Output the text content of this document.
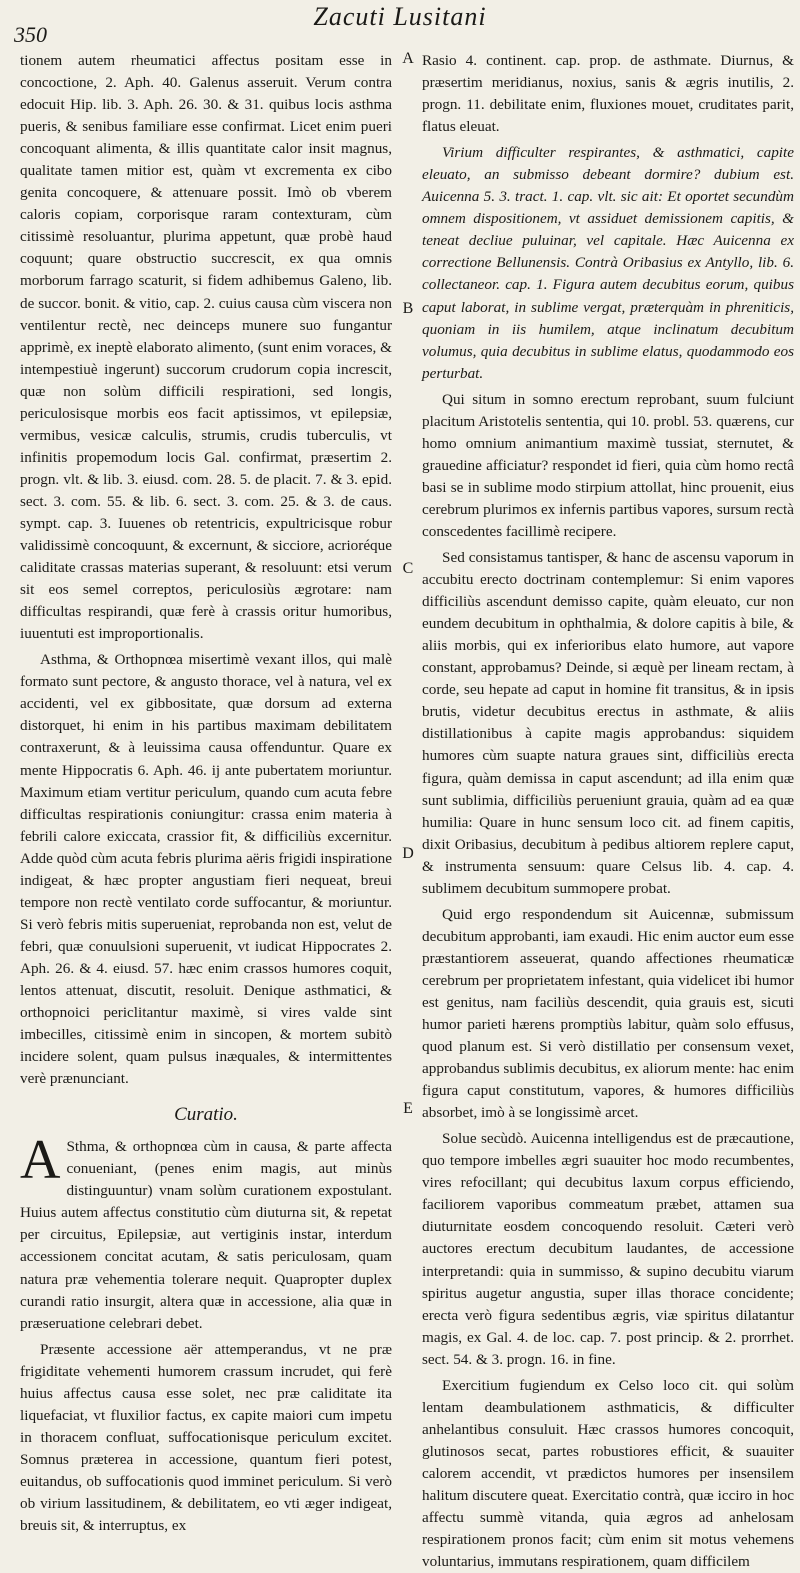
350
Zacuti Lusitani
A
B
C
D
E

tionem autem rheumatici affectus positam esse in concoctione, 2. Aph. 40. Galenus asseruit. Verum contra edocuit Hip. lib. 3. Aph. 26. 30. & 31. quibus locis asthma pueris, & senibus familiare esse confirmat. Licet enim pueri concoquant alimenta, & illis quantitate calor insit magnus, qualitate tamen mitior est, quàm vt excrementa ex cibo genita concoquere, & attenuare possit. Imò ob vberem caloris copiam, corporisque raram contexturam, cùm citissimè resoluantur, plurima appetunt, quæ probè haud coquunt; quare obstructio succrescit, ex qua omnis morborum farrago scaturit, si fidem adhibemus Galeno, lib. de succor. bonit. & vitio, cap. 2. cuius causa cùm viscera non ventilentur rectè, nec deinceps munere suo fungantur apprimè, ex ineptè elaborato alimento, (sunt enim voraces, & intempestiuè ingerunt) succorum crudorum copia increscit, quæ non solùm difficili respirationi, sed longis, periculosisque morbis eos facit aptissimos, vt epilepsiæ, vermibus, vesicæ calculis, strumis, crudis tuberculis, vt infinitis propemodum locis Gal. confirmat, præsertim 2. progn. vlt. & lib. 3. eiusd. com. 28. 5. de placit. 7. & 3. epid. sect. 3. com. 55. & lib. 6. sect. 3. com. 25. & 3. de caus. sympt. cap. 3. Iuuenes ob retentricis, expultricisque robur validissimè concoquunt, & excernunt, & sicciore, acrioréque caliditate crassas materias superant, & resoluunt: etsi verum sit eos semel correptos, periculosiùs ægrotare: nam difficultas respirandi, quæ ferè à crassis oritur humoribus, iuuentuti est improportionalis.

Asthma, & Orthopnœa misertimè vexant illos, qui malè formato sunt pectore, & angusto thorace, vel à natura, vel ex accidenti, vel ex gibbositate, quæ dorsum ad externa distorquet, hi enim in his partibus maximam debilitatem contraxerunt, & à leuissima causa offenduntur. Quare ex mente Hippocratis 6. Aph. 46. ij ante pubertatem moriuntur. Maximum etiam vertitur periculum, quando cum acuta febre difficultas respirationis coniungitur: crassa enim materia à febrili calore exiccata, crassior fit, & difficiliùs excernitur. Adde quòd cùm acuta febris plurima aëris frigidi inspiratione indigeat, & hæc propter angustiam fieri nequeat, breui tempore non rectè ventilato corde suffocantur, & moriuntur. Si verò febris mitis superueniat, reprobanda non est, velut de febri, quæ conuulsioni superuenit, vt iudicat Hippocrates 2. Aph. 26. & 4. eiusd. 57. hæc enim crassos humores coquit, lentos attenuat, discutit, resoluit. Denique asthmatici, & orthopnoici periclitantur maximè, si vires valde sint imbecilles, citissimè enim in sincopen, & mortem subitò incidere solent, quam pulsus inæquales, & intermittentes verè prænunciant.

Curatio.

A Sthma, & orthopnœa cùm in causa, & parte affecta conueniant, (penes enim magis, aut minùs distinguuntur) vnam solùm curationem expostulant. Huius autem affectus constitutio cùm diuturna sit, & repetat per circuitus, Epilepsiæ, aut vertiginis instar, interdum accessionem concitat acutam, & satis periculosam, quam natura præ vehementia tolerare nequit. Quapropter duplex curandi ratio insurgit, altera quæ in accessione, alia quæ in præseruatione celebrari debet.

Præsente accessione aër attemperandus, vt ne præ frigiditate vehementi humorem crassum incrudet, qui ferè huius affectus causa esse solet, nec præ caliditate ita liquefaciat, vt fluxilior factus, ex capite maiori cum impetu in thoracem confluat, suffocationisque periculum excitet. Somnus præterea in accessione, quantum fieri potest, euitandus, ob suffocationis quod imminet periculum. Si verò ob virium lassitudinem, & debilitatem, eo vti æger indigeat, breuis sit, & interruptus, ex

Rasio 4. continent. cap. prop. de asthmate. Diurnus, & præsertim meridianus, noxius, sanis & ægris inutilis, 2. progn. 11. debilitate enim, fluxiones mouet, cruditates parit, flatus eleuat.

Virium difficulter respirantes, & asthmatici, capite eleuato, an submisso debeant dormire? dubium est. Auicenna 5. 3. tract. 1. cap. vlt. sic ait: Et oportet secundùm omnem dispositionem, vt assiduet demissionem capitis, & teneat decliue puluinar, vel capitale. Hæc Auicenna ex correctione Bellunensis. Contrà Oribasius ex Antyllo, lib. 6. collectaneor. cap. 1. Figura autem decubitus eorum, quibus caput laborat, in sublime vergat, præterquàm in phreniticis, quoniam in iis humilem, atque inclinatum decubitum volumus, quia decubitus in sublime elatus, quodammodo eos perturbat.

Qui situm in somno erectum reprobant, suum fulciunt placitum Aristotelis sententia, qui 10. probl. 53. quærens, cur homo omnium animantium maximè tussiat, sternutet, & grauedine afficiatur? respondet id fieri, quia cùm homo rectâ basi se in sublime modo stirpium attollat, hinc prouenit, eius cerebrum plurimos ex infernis partibus vapores, sursum rectà conscedentes facillimè recipere.

Sed consistamus tantisper, & hanc de ascensu vaporum in accubitu erecto doctrinam contemplemur: Si enim vapores difficiliùs ascendunt demisso capite, quàm eleuato, cur non eundem decubitum in ophthalmia, & dolore capitis à bile, & aliis morbis, qui ex inferioribus elato humore, aut vapore constant, approbamus? Deinde, si æquè per lineam rectam, à corde, seu hepate ad caput in homine fit transitus, & in ipsis brutis, videtur decubitus erectus in asthmate, & aliis distillationibus à capite magis approbandus: siquidem humores cùm suapte natura graues sint, difficiliùs erecta figura, quàm demissa in caput ascendunt; ad illa enim quæ sunt sublimia, difficiliùs perueniunt grauia, quàm ad ea quæ humilia: Quare in hunc sensum loco cit. ad finem capitis, dixit Oribasius, decubitum à pedibus altiorem replere caput, & instrumenta sensuum: quare Celsus lib. 4. cap. 4. sublimem decubitum summopere probat.

Quid ergo respondendum sit Auicennæ, submissum decubitum approbanti, iam exaudi. Hic enim auctor eum esse præstantiorem asseuerat, quando affectiones rheumaticæ cerebrum per proprietatem infestant, quia videlicet ibi humor est genitus, nam faciliùs descendit, quia grauis est, sicuti humor parieti hærens promptiùs labitur, quàm solo effusus, quod planum est. Si verò distillatio per consensum vexet, approbandus sublimis decubitus, ex aliorum mente: hac enim figura caput constitutum, vapores, & humores difficiliùs absorbet, imò à se longissimè arcet.

Solue secùdò. Auicenna intelligendus est de præcautione, quo tempore imbelles ægri suauiter hoc modo recumbentes, vires refocillant; qui decubitus laxum corpus efficiendo, faciliorem vaporibus commeatum præbet, attamen sua diuturnitate eosdem concoquendo resoluit. Cæteri verò auctores erectum decubitum laudantes, de accessione interpretandi: quia in summisso, & supino decubitu viarum spiritus augetur angustia, super illas thorace concidente; erecta verò figura sedentibus ægris, viæ spiritus dilatantur magis, ex Gal. 4. de loc. cap. 7. post princip. & 2. prorrhet. sect. 54. & 3. progn. 16. in fine.

Exercitium fugiendum ex Celso loco cit. qui solùm lentam deambulationem asthmaticis, & difficulter anhelantibus consuluit. Hæc crassos humores concoquit, glutinosos secat, partes robustiores efficit, & suauiter calorem accendit, vt prædictos humores per insensilem halitum discutere queat. Exercitatio contrà, quæ icciro in hoc affectu summè vitanda, quia ægros ad anhelosam respirationem pronos facit; cùm enim sit motus vehemens voluntarius, immutans respirationem, quam difficilem
